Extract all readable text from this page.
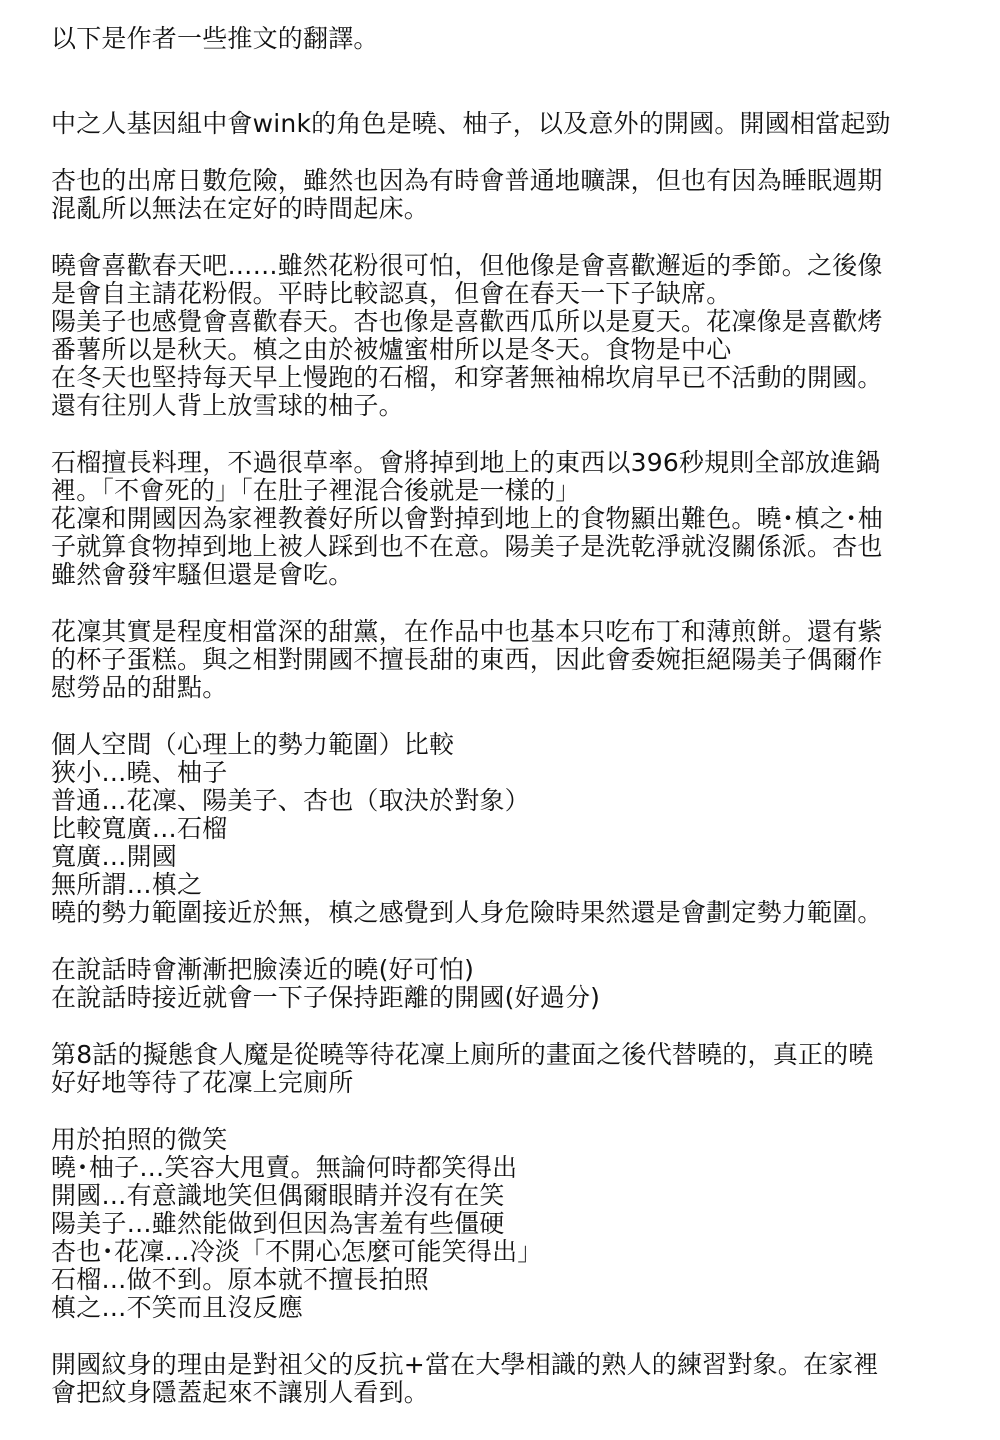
以下是作者一些推文的翻譯。
中之人基因組中會wink的角色是曉、柚子，以及意外的開國。開國相當起勁
杏也的出席日數危險，雖然也因為有時會普通地曠課，但也有因為睡眠週期
混亂所以無法在定好的時間起床。
曉會喜歡春天吧……雖然花粉很可怕，但他像是會喜歡邂逅的季節。之後像
是會自主請花粉假。平時比較認真，但會在春天一下子缺席。
陽美子也感覺會喜歡春天。杏也像是喜歡西瓜所以是夏天。花凜像是喜歡烤
番薯所以是秋天。槙之由於被爐蜜柑所以是冬天。食物是中心
在冬天也堅持每天早上慢跑的石榴，和穿著無袖棉坎肩早已不活動的開國。
還有往別人背上放雪球的柚子。
石榴擅長料理，不過很草率。會將掉到地上的東西以396秒規則全部放進鍋
裡。「不會死的」「在肚子裡混合後就是一樣的」
花凜和開國因為家裡教養好所以會對掉到地上的食物顯出難色。曉･槙之･柚
子就算食物掉到地上被人踩到也不在意。陽美子是洗乾淨就沒關係派。杏也
雖然會發牢騷但還是會吃。
花凜其實是程度相當深的甜黨，在作品中也基本只吃布丁和薄煎餅。還有紫
的杯子蛋糕。與之相對開國不擅長甜的東西，因此會委婉拒絕陽美子偶爾作
慰勞品的甜點。
個人空間（心理上的勢力範圍）比較
狹小…曉、柚子
普通…花凜、陽美子、杏也（取決於對象）
比較寬廣…石榴
寬廣…開國
無所謂…槙之
曉的勢力範圍接近於無，槙之感覺到人身危險時果然還是會劃定勢力範圍。
在說話時會漸漸把臉湊近的曉(好可怕)
在說話時接近就會一下子保持距離的開國(好過分)
第8話的擬態食人魔是從曉等待花凜上廁所的畫面之後代替曉的，真正的曉
好好地等待了花凜上完廁所
用於拍照的微笑
曉･柚子…笑容大甩賣。無論何時都笑得出
開國…有意識地笑但偶爾眼睛并沒有在笑
陽美子…雖然能做到但因為害羞有些僵硬
杏也･花凜…冷淡「不開心怎麼可能笑得出」
石榴…做不到。原本就不擅長拍照
槙之…不笑而且沒反應
開國紋身的理由是對祖父的反抗+當在大學相識的熟人的練習對象。在家裡
會把紋身隱蓋起來不讓別人看到。
